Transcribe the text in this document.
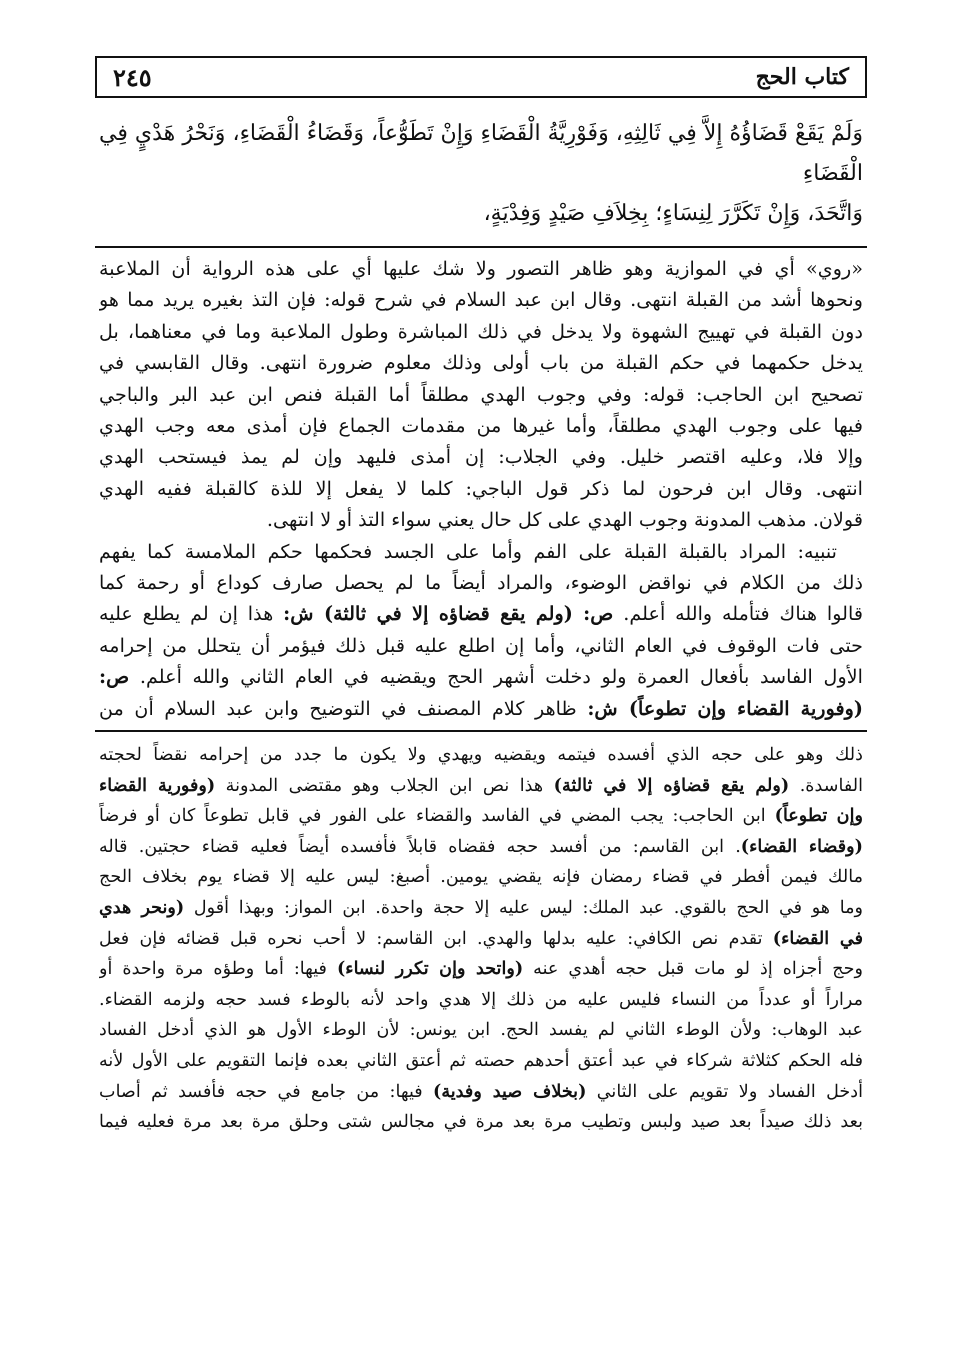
كتاب الحج
٢٤٥

وَلَمْ يَقَعْ قَضَاؤُهُ إِلاَّ فِي ثَالِثِهِ، وَفَوْرِيَّةُ الْقَضَاءِ وَإِنْ تَطَوُّعاً، وَقَضَاءُ الْقَضَاءِ، وَنَحْرُ هَدْيٍ فِي الْقَضَاءِ

وَاتَّحَدَ، وَإِنْ تَكَرَّرَ لِنِسَاءٍ؛ بِخِلاَفِ صَيْدٍ وَفِدْيَةٍ،

«روي» أي في الموازية وهو ظاهر التصور ولا شك عليها أي على هذه الرواية أن الملاعبة
ونحوها أشد من القبلة انتهى. وقال ابن عبد السلام في شرح قوله: فإن التذ بغيره يريد مما هو
دون القبلة في تهييج الشهوة ولا يدخل في ذلك المباشرة وطول الملاعبة وما في معناهما، بل
يدخل حكمهما في حكم القبلة من باب أولى وذلك معلوم ضرورة انتهى. وقال القابسي في
تصحيح ابن الحاجب: قوله: وفي وجوب الهدي مطلقاً أما القبلة فنص ابن عبد البر والباجي
فيها على وجوب الهدي مطلقاً، وأما غيرها من مقدمات الجماع فإن أمذى معه وجب الهدي
وإلا فلا، وعليه اقتصر خليل. وفي الجلاب: إن أمذى فليهد وإن لم يمذ فيستحب الهدي
انتهى. وقال ابن فرحون لما ذكر قول الباجي: كلما لا يفعل إلا للذة كالقبلة ففيه الهدي
قولان. مذهب المدونة وجوب الهدي على كل حال يعني سواء التذ أو لا انتهى.
تنبيه: المراد بالقبلة القبلة على الفم وأما على الجسد فحكمها حكم الملامسة كما يفهم
ذلك من الكلام في نواقض الوضوء، والمراد أيضاً ما لم يحصل صارف كوداع أو رحمة كما
قالوا هناك فتأمله والله أعلم. ص: (ولم يقع قضاؤه إلا في ثالثة) ش: هذا إن لم يطلع عليه
حتى فات الوقوف في العام الثاني، وأما إن اطلع عليه قبل ذلك فيؤمر أن يتحلل من إحرامه
الأول الفاسد بأفعال العمرة ولو دخلت أشهر الحج ويقضيه في العام الثاني والله أعلم. ص:
(وفورية القضاء وإن تطوعاً) ش: ظاهر كلام المصنف في التوضيح وابن عبد السلام أن من
ذلك وهو على حجه الذي أفسده فيتمه ويقضيه ويهدي ولا يكون ما جدد من إحرامه نقضاً لحجته
الفاسدة. (ولم يقع قضاؤه إلا في ثالثة) هذا نص ابن الجلاب وهو مقتضى المدونة (وفورية القضاء
وإن تطوعاً) ابن الحاجب: يجب المضي في الفاسد والقضاء على الفور في قابل تطوعاً كان أو فرضاً
(وقضاء القضاء). ابن القاسم: من أفسد حجه فقضاه قابلاً فأفسده أيضاً فعليه قضاء حجتين. قاله
مالك فيمن أفطر في قضاء رمضان فإنه يقضي يومين. أصبغ: ليس عليه إلا قضاء يوم بخلاف الحج
وما هو في الحج بالقوي. عبد الملك: ليس عليه إلا حجة واحدة. ابن المواز: وبهذا أقول (ونحر هدي
في القضاء) تقدم نص الكافي: عليه بدلها والهدي. ابن القاسم: لا أحب نحره قبل قضائه فإن فعل
وحج أجزاه إذ لو مات قبل حجه أهدي عنه (واتحد وإن تكرر لنساء) فيها: أما وطؤه مرة واحدة أو
مراراً أو عدداً من النساء فليس عليه من ذلك إلا هدي واحد لأنه بالوطء فسد حجه ولزمه القضاء.
عبد الوهاب: ولأن الوطء الثاني لم يفسد الحج. ابن يونس: لأن الوطء الأول هو الذي أدخل الفساد
فله الحكم كثلاثة شركاء في عبد أعتق أحدهم حصته ثم أعتق الثاني بعده فإنما التقويم على الأول لأنه
أدخل الفساد ولا تقويم على الثاني (بخلاف صيد وفدية) فيها: من جامع في حجه فأفسد ثم أصاب
بعد ذلك صيداً بعد صيد ولبس وتطيب مرة بعد مرة في مجالس شتى وحلق مرة بعد مرة فعليه فيما
